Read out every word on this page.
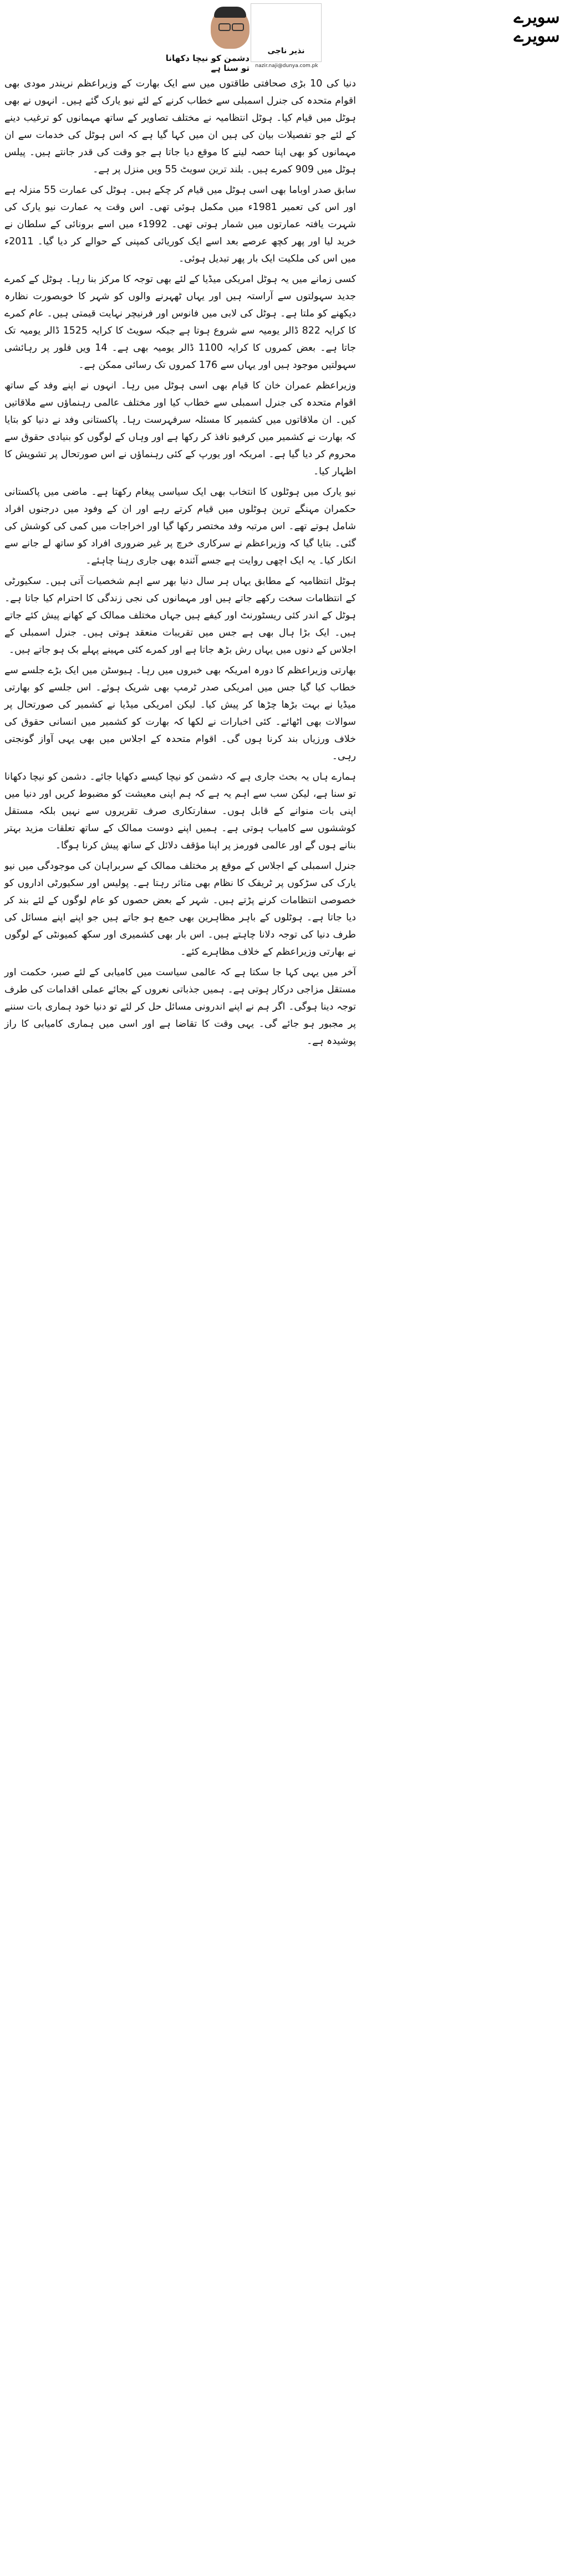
سویرے
سویرے
نذیر ناجی
nazir.naji@dunya.com.pk
دشمن کو نیچا دکھانا تو سنا ہے

دنیا کی 10 بڑی صحافتی طاقتوں میں سے ایک بھارت کے وزیراعظم نریندر مودی بھی اقوام متحدہ کی جنرل اسمبلی سے خطاب کرنے کے لئے نیو یارک گئے ہیں۔ انہوں نے بھی ہوٹل میں قیام کیا۔ ہوٹل انتظامیہ نے مختلف تصاویر کے ساتھ مہمانوں کو ترغیب دینے کے لئے جو تفصیلات بیان کی ہیں ان میں کہا گیا ہے کہ اس ہوٹل کی خدمات سے ان مہمانوں کو بھی اپنا حصہ لینے کا موقع دیا جاتا ہے جو وقت کی قدر جانتے ہیں۔ پیلس ہوٹل میں 909 کمرے ہیں۔ بلند ترین سویٹ 55 ویں منزل پر ہے۔

سابق صدر اوباما بھی اسی ہوٹل میں قیام کر چکے ہیں۔ ہوٹل کی عمارت 55 منزلہ ہے اور اس کی تعمیر 1981ء میں مکمل ہوئی تھی۔ اس وقت یہ عمارت نیو یارک کی شہرت یافتہ عمارتوں میں شمار ہوتی تھی۔ 1992ء میں اسے برونائی کے سلطان نے خرید لیا اور پھر کچھ عرصے بعد اسے ایک کوریائی کمپنی کے حوالے کر دیا گیا۔ 2011ء میں اس کی ملکیت ایک بار پھر تبدیل ہوئی۔

کسی زمانے میں یہ ہوٹل امریکی میڈیا کے لئے بھی توجہ کا مرکز بنا رہا۔ ہوٹل کے کمرے جدید سہولتوں سے آراستہ ہیں اور یہاں ٹھہرنے والوں کو شہر کا خوبصورت نظارہ دیکھنے کو ملتا ہے۔ ہوٹل کی لابی میں فانوس اور فرنیچر نہایت قیمتی ہیں۔ عام کمرے کا کرایہ 822 ڈالر یومیہ سے شروع ہوتا ہے جبکہ سویٹ کا کرایہ 1525 ڈالر یومیہ تک جاتا ہے۔ بعض کمروں کا کرایہ 1100 ڈالر یومیہ بھی ہے۔ 14 ویں فلور پر رہائشی سہولتیں موجود ہیں اور یہاں سے 176 کمروں تک رسائی ممکن ہے۔

وزیراعظم عمران خان کا قیام بھی اسی ہوٹل میں رہا۔ انہوں نے اپنے وفد کے ساتھ اقوام متحدہ کی جنرل اسمبلی سے خطاب کیا اور مختلف عالمی رہنماؤں سے ملاقاتیں کیں۔ ان ملاقاتوں میں کشمیر کا مسئلہ سرفہرست رہا۔ پاکستانی وفد نے دنیا کو بتایا کہ بھارت نے کشمیر میں کرفیو نافذ کر رکھا ہے اور وہاں کے لوگوں کو بنیادی حقوق سے محروم کر دیا گیا ہے۔ امریکہ اور یورپ کے کئی رہنماؤں نے اس صورتحال پر تشویش کا اظہار کیا۔

نیو یارک میں ہوٹلوں کا انتخاب بھی ایک سیاسی پیغام رکھتا ہے۔ ماضی میں پاکستانی حکمران مہنگے ترین ہوٹلوں میں قیام کرتے رہے اور ان کے وفود میں درجنوں افراد شامل ہوتے تھے۔ اس مرتبہ وفد مختصر رکھا گیا اور اخراجات میں کمی کی کوشش کی گئی۔ بتایا گیا کہ وزیراعظم نے سرکاری خرچ پر غیر ضروری افراد کو ساتھ لے جانے سے انکار کیا۔ یہ ایک اچھی روایت ہے جسے آئندہ بھی جاری رہنا چاہئے۔

ہوٹل انتظامیہ کے مطابق یہاں ہر سال دنیا بھر سے اہم شخصیات آتی ہیں۔ سکیورٹی کے انتظامات سخت رکھے جاتے ہیں اور مہمانوں کی نجی زندگی کا احترام کیا جاتا ہے۔ ہوٹل کے اندر کئی ریسٹورنٹ اور کیفے ہیں جہاں مختلف ممالک کے کھانے پیش کئے جاتے ہیں۔ ایک بڑا ہال بھی ہے جس میں تقریبات منعقد ہوتی ہیں۔ جنرل اسمبلی کے اجلاس کے دنوں میں یہاں رش بڑھ جاتا ہے اور کمرے کئی مہینے پہلے بک ہو جاتے ہیں۔

بھارتی وزیراعظم کا دورہ امریکہ بھی خبروں میں رہا۔ ہیوسٹن میں ایک بڑے جلسے سے خطاب کیا گیا جس میں امریکی صدر ٹرمپ بھی شریک ہوئے۔ اس جلسے کو بھارتی میڈیا نے بہت بڑھا چڑھا کر پیش کیا۔ لیکن امریکی میڈیا نے کشمیر کی صورتحال پر سوالات بھی اٹھائے۔ کئی اخبارات نے لکھا کہ بھارت کو کشمیر میں انسانی حقوق کی خلاف ورزیاں بند کرنا ہوں گی۔ اقوام متحدہ کے اجلاس میں بھی یہی آواز گونجتی رہی۔

ہمارے ہاں یہ بحث جاری ہے کہ دشمن کو نیچا کیسے دکھایا جائے۔ دشمن کو نیچا دکھانا تو سنا ہے، لیکن سب سے اہم یہ ہے کہ ہم اپنی معیشت کو مضبوط کریں اور دنیا میں اپنی بات منوانے کے قابل ہوں۔ سفارتکاری صرف تقریروں سے نہیں بلکہ مستقل کوششوں سے کامیاب ہوتی ہے۔ ہمیں اپنے دوست ممالک کے ساتھ تعلقات مزید بہتر بنانے ہوں گے اور عالمی فورمز پر اپنا مؤقف دلائل کے ساتھ پیش کرنا ہوگا۔

جنرل اسمبلی کے اجلاس کے موقع پر مختلف ممالک کے سربراہان کی موجودگی میں نیو یارک کی سڑکوں پر ٹریفک کا نظام بھی متاثر رہتا ہے۔ پولیس اور سکیورٹی اداروں کو خصوصی انتظامات کرنے پڑتے ہیں۔ شہر کے بعض حصوں کو عام لوگوں کے لئے بند کر دیا جاتا ہے۔ ہوٹلوں کے باہر مظاہرین بھی جمع ہو جاتے ہیں جو اپنے اپنے مسائل کی طرف دنیا کی توجہ دلانا چاہتے ہیں۔ اس بار بھی کشمیری اور سکھ کمیونٹی کے لوگوں نے بھارتی وزیراعظم کے خلاف مظاہرے کئے۔

آخر میں یہی کہا جا سکتا ہے کہ عالمی سیاست میں کامیابی کے لئے صبر، حکمت اور مستقل مزاجی درکار ہوتی ہے۔ ہمیں جذباتی نعروں کے بجائے عملی اقدامات کی طرف توجہ دینا ہوگی۔ اگر ہم نے اپنے اندرونی مسائل حل کر لئے تو دنیا خود ہماری بات سننے پر مجبور ہو جائے گی۔ یہی وقت کا تقاضا ہے اور اسی میں ہماری کامیابی کا راز پوشیدہ ہے۔
